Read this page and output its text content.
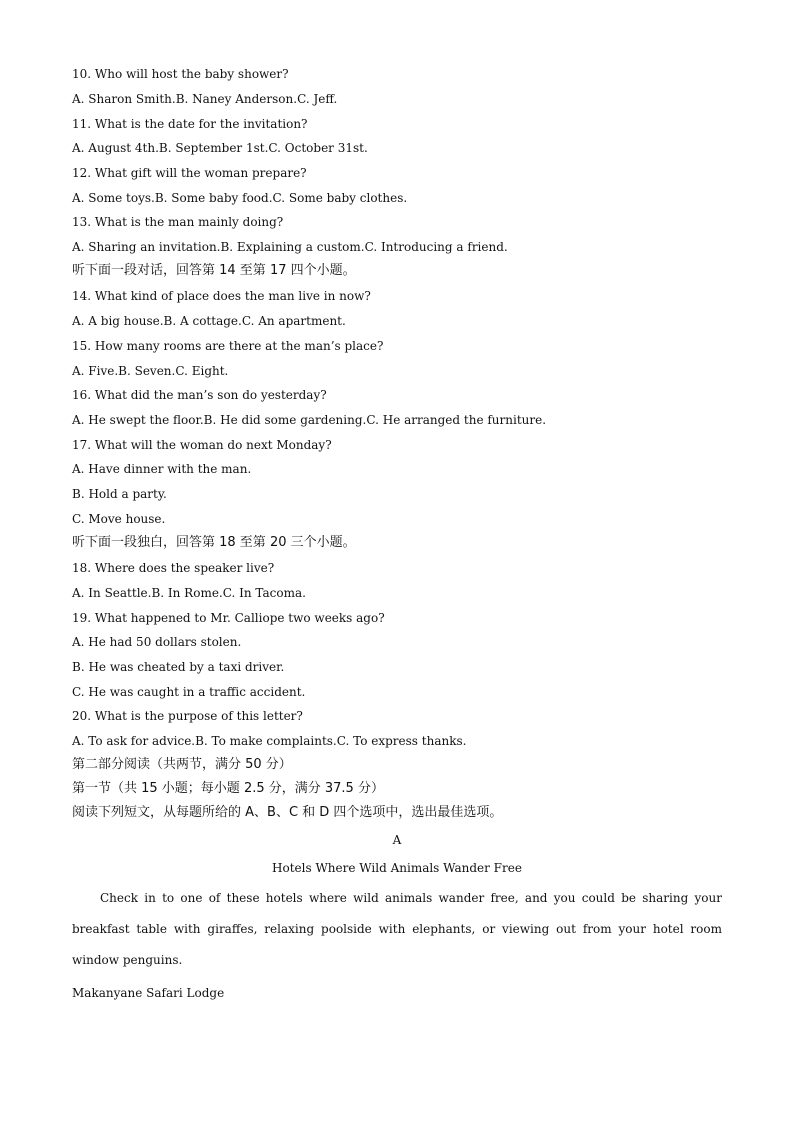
10. Who will host the baby shower?
A. Sharon Smith.B. Naney Anderson.C. Jeff.
11. What is the date for the invitation?
A. August 4th.B. September 1st.C. October 31st.
12. What gift will the woman prepare?
A. Some toys.B. Some baby food.C. Some baby clothes.
13. What is the man mainly doing?
A. Sharing an invitation.B. Explaining a custom.C. Introducing a friend.
听下面一段对话，回答第 14 至第 17 四个小题。
14. What kind of place does the man live in now?
A. A big house.B. A cottage.C. An apartment.
15. How many rooms are there at the man’s place?
A. Five.B. Seven.C. Eight.
16. What did the man’s son do yesterday?
A. He swept the floor.B. He did some gardening.C. He arranged the furniture.
17. What will the woman do next Monday?
A. Have dinner with the man.
B. Hold a party.
C. Move house.
听下面一段独白，回答第 18 至第 20 三个小题。
18. Where does the speaker live?
A. In Seattle.B. In Rome.C. In Tacoma.
19. What happened to Mr. Calliope two weeks ago?
A. He had 50 dollars stolen.
B. He was cheated by a taxi driver.
C. He was caught in a traffic accident.
20. What is the purpose of this letter?
A. To ask for advice.B. To make complaints.C. To express thanks.
第二部分阅读（共两节，满分 50 分）
第一节（共 15 小题；每小题 2.5 分，满分 37.5 分）
阅读下列短文，从每题所给的 A、B、C 和 D 四个选项中，选出最佳选项。
A
Hotels Where Wild Animals Wander Free
Check in to one of these hotels where wild animals wander free, and you could be sharing your breakfast table with giraffes, relaxing poolside with elephants, or viewing out from your hotel room window penguins.
Makanyane Safari Lodge
